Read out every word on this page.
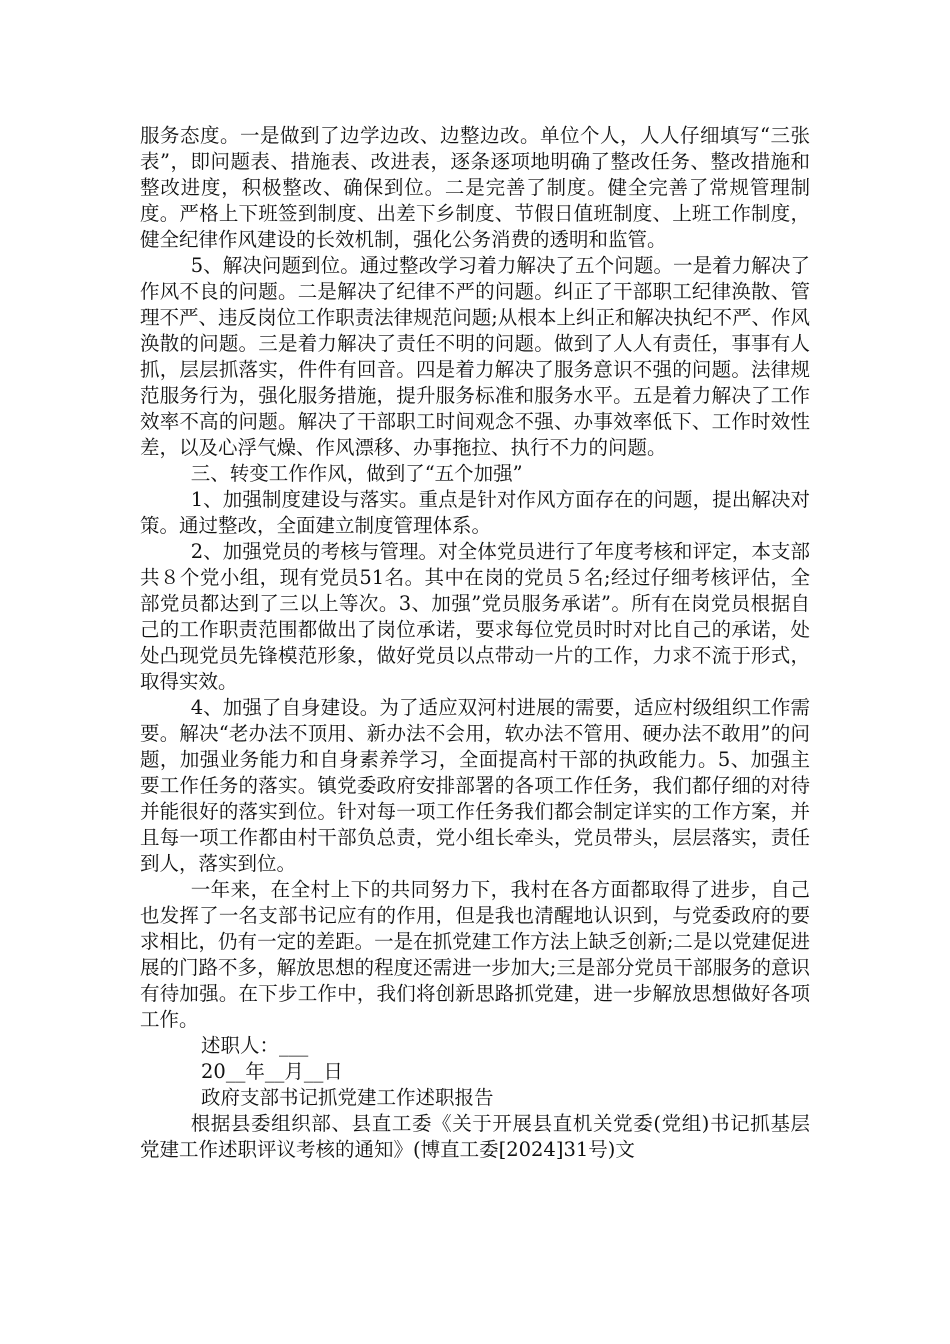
服务态度。一是做到了边学边改、边整边改。单位个人，人人仔细填写“三张表”，即问题表、措施表、改进表，逐条逐项地明确了整改任务、整改措施和整改进度，积极整改、确保到位。二是完善了制度。健全完善了常规管理制度。严格上下班签到制度、出差下乡制度、节假日值班制度、上班工作制度，健全纪律作风建设的长效机制，强化公务消费的透明和监管。

5、解决问题到位。通过整改学习着力解决了五个问题。一是着力解决了作风不良的问题。二是解决了纪律不严的问题。纠正了干部职工纪律涣散、管理不严、违反岗位工作职责法律规范问题;从根本上纠正和解决执纪不严、作风涣散的问题。三是着力解决了责任不明的问题。做到了人人有责任，事事有人抓，层层抓落实，件件有回音。四是着力解决了服务意识不强的问题。法律规范服务行为，强化服务措施，提升服务标准和服务水平。五是着力解决了工作效率不高的问题。解决了干部职工时间观念不强、办事效率低下、工作时效性差，以及心浮气燥、作风漂移、办事拖拉、执行不力的问题。

三、转变工作作风，做到了“五个加强”

1、加强制度建设与落实。重点是针对作风方面存在的问题，提出解决对策。通过整改，全面建立制度管理体系。

2、加强党员的考核与管理。对全体党员进行了年度考核和评定，本支部共８个党小组，现有党员51名。其中在岗的党员５名;经过仔细考核评估，全部党员都达到了三以上等次。3、加强”党员服务承诺”。所有在岗党员根据自己的工作职责范围都做出了岗位承诺，要求每位党员时时对比自己的承诺，处处凸现党员先锋模范形象，做好党员以点带动一片的工作，力求不流于形式，取得实效。

4、加强了自身建设。为了适应双河村进展的需要，适应村级组织工作需要。解决“老办法不顶用、新办法不会用，软办法不管用、硬办法不敢用”的问题，加强业务能力和自身素养学习，全面提高村干部的执政能力。5、加强主要工作任务的落实。镇党委政府安排部署的各项工作任务，我们都仔细的对待并能很好的落实到位。针对每一项工作任务我们都会制定详实的工作方案，并且每一项工作都由村干部负总责，党小组长牵头，党员带头，层层落实，责任到人，落实到位。

一年来，在全村上下的共同努力下，我村在各方面都取得了进步，自己也发挥了一名支部书记应有的作用，但是我也清醒地认识到，与党委政府的要求相比，仍有一定的差距。一是在抓党建工作方法上缺乏创新;二是以党建促进展的门路不多，解放思想的程度还需进一步加大;三是部分党员干部服务的意识有待加强。在下步工作中，我们将创新思路抓党建，进一步解放思想做好各项工作。

述职人：___

20__年__月__日

政府支部书记抓党建工作述职报告

根据县委组织部、县直工委《关于开展县直机关党委(党组)书记抓基层党建工作述职评议考核的通知》(博直工委[2024]31号)文
